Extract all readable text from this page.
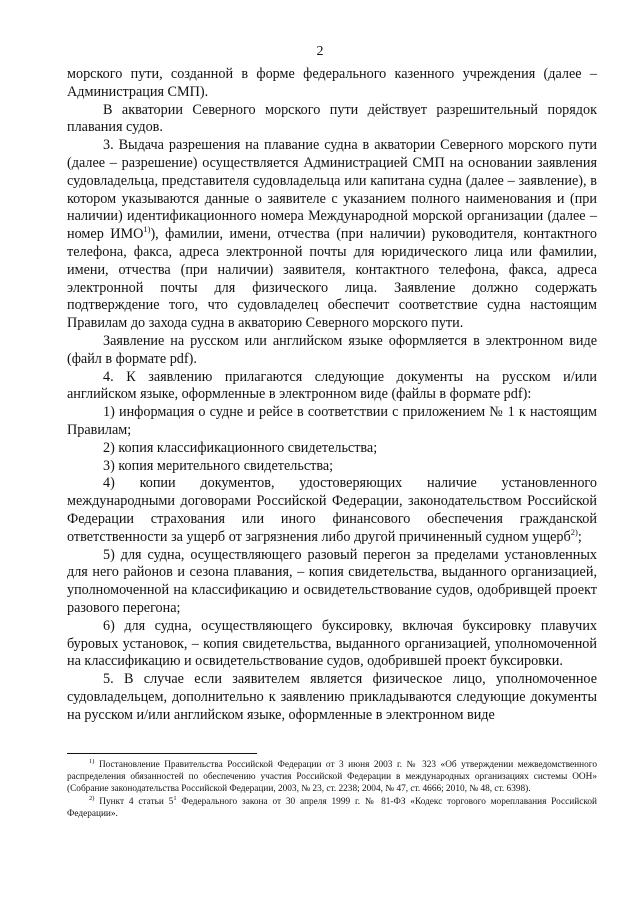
2

морского пути, созданной в форме федерального казенного учреждения (далее – Администрация СМП).

В акватории Северного морского пути действует разрешительный порядок плавания судов.

3. Выдача разрешения на плавание судна в акватории Северного морского пути (далее – разрешение) осуществляется Администрацией СМП на основании заявления судовладельца, представителя судовладельца или капитана судна (далее – заявление), в котором указываются данные о заявителе с указанием полного наименования и (при наличии) идентификационного номера Международной морской организации (далее – номер ИМО$^{1)}$), фамилии, имени, отчества (при наличии) руководителя, контактного телефона, факса, адреса электронной почты для юридического лица или фамилии, имени, отчества (при наличии) заявителя, контактного телефона, факса, адреса электронной почты для физического лица. Заявление должно содержать подтверждение того, что судовладелец обеспечит соответствие судна настоящим Правилам до захода судна в акваторию Северного морского пути.

Заявление на русском или английском языке оформляется в электронном виде (файл в формате pdf).

4. К заявлению прилагаются следующие документы на русском и/или английском языке, оформленные в электронном виде (файлы в формате pdf):

1) информация о судне и рейсе в соответствии с приложением № 1 к настоящим Правилам;

2) копия классификационного свидетельства;

3) копия мерительного свидетельства;

4) копии документов, удостоверяющих наличие установленного международными договорами Российской Федерации, законодательством Российской Федерации страхования или иного финансового обеспечения гражданской ответственности за ущерб от загрязнения либо другой причиненный судном ущерб$^{2)}$;

5) для судна, осуществляющего разовый перегон за пределами установленных для него районов и сезона плавания, – копия свидетельства, выданного организацией, уполномоченной на классификацию и освидетельствование судов, одобривщей проект разового перегона;

6) для судна, осуществляющего буксировку, включая буксировку плавучих буровых установок, – копия свидетельства, выданного организацией, уполномоченной на классификацию и освидетельствование судов, одобрившей проект буксировки.

5. В случае если заявителем является физическое лицо, уполномоченное судовладельцем, дополнительно к заявлению прикладываются следующие документы на русском и/или английском языке, оформленные в электронном виде

$^{1)}$ Постановление Правительства Российской Федерации от 3 июня 2003 г. № 323 «Об утверждении межведомственного распределения обязанностей по обеспечению участия Российской Федерации в международных организациях системы ООН» (Собрание законодательства Российской Федерации, 2003, № 23, ст. 2238; 2004, № 47, ст. 4666; 2010, № 48, ст. 6398).

$^{2)}$ Пункт 4 статьи $5^1$ Федерального закона от 30 апреля 1999 г. № 81-ФЗ «Кодекс торгового мореплавания Российской Федерации».
